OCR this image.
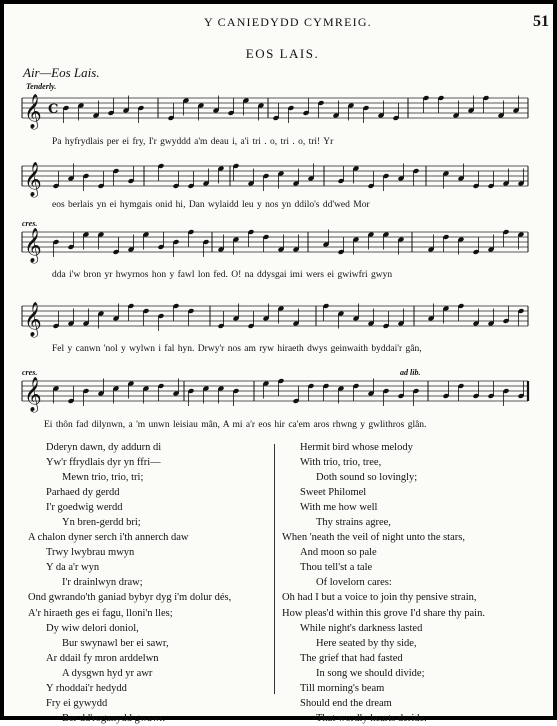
Y CANIEDYDD CYMREIG.	51
EOS LAIS.
Air—Eos Lais.
Tenderly.
cres.
cres.	ad lib.
𝄞 C
Pa hyfrydlais per ei fry, I'r gwyddd a'm deau i, a'i tri . o, tri . o, tri! Yr
𝄞
eos berlais yn ei hymgais onid hi, Dan wylaidd leu y nos yn ddilo's dd'wed Mor
𝄞
dda i'w bron yr hwyrnos hon y fawl lon fed. O! na ddysgai imi wers ei gwiwfri gwyn
𝄞
Fel y canwn 'nol y wylwn i fal hyn. Drwy'r nos am ryw hiraeth dwys geinwaith byddai'r gân,
𝄞
Ei thôn fad dilynwn, a 'm unwn leisiau mân, A mi a'r eos hir ca'em aros rhwng y gwlithros glân.
Dderyn dawn, dy addurn di
Yw'r ffrydlais dyr yn ffri—
Mewn trio, trio, tri;
Parhaed dy gerdd
I'r goedwig werdd
Yn bren-gerdd bri;
A chalon dyner serch i'th annerch daw
Trwy lwybrau mwyn
Y da a'r wyn
I'r drainlwyn draw;
Ond gwrando'th ganiad bybyr dyg i'm dolur dés,
A'r hiraeth ges ei fagu, lloni'n lles;
Dy wiw delori doniol,
Bur swynawl ber ei sawr,
Ar ddail fy mron arddelwn
A dysgwn hyd yr awr
Y rhoddai'r hedydd
Fry ei gywydd
Ber dd'roganydd gwawr.
Hermit bird whose melody
With trio, trio, tree,
Doth sound so lovingly;
Sweet Philomel
With me how well
Thy strains agree,
When 'neath the veil of night unto the stars,
And moon so pale
Thou tell'st a tale
Of lovelorn cares:
Oh had I but a voice to join thy pensive strain,
How pleas'd within this grove I'd share thy pain.
While night's darkness lasted
Here seated by thy side,
The grief that had fasted
In song we should divide;
Till morning's beam
Should end the dream
That wordly hearts deride.
